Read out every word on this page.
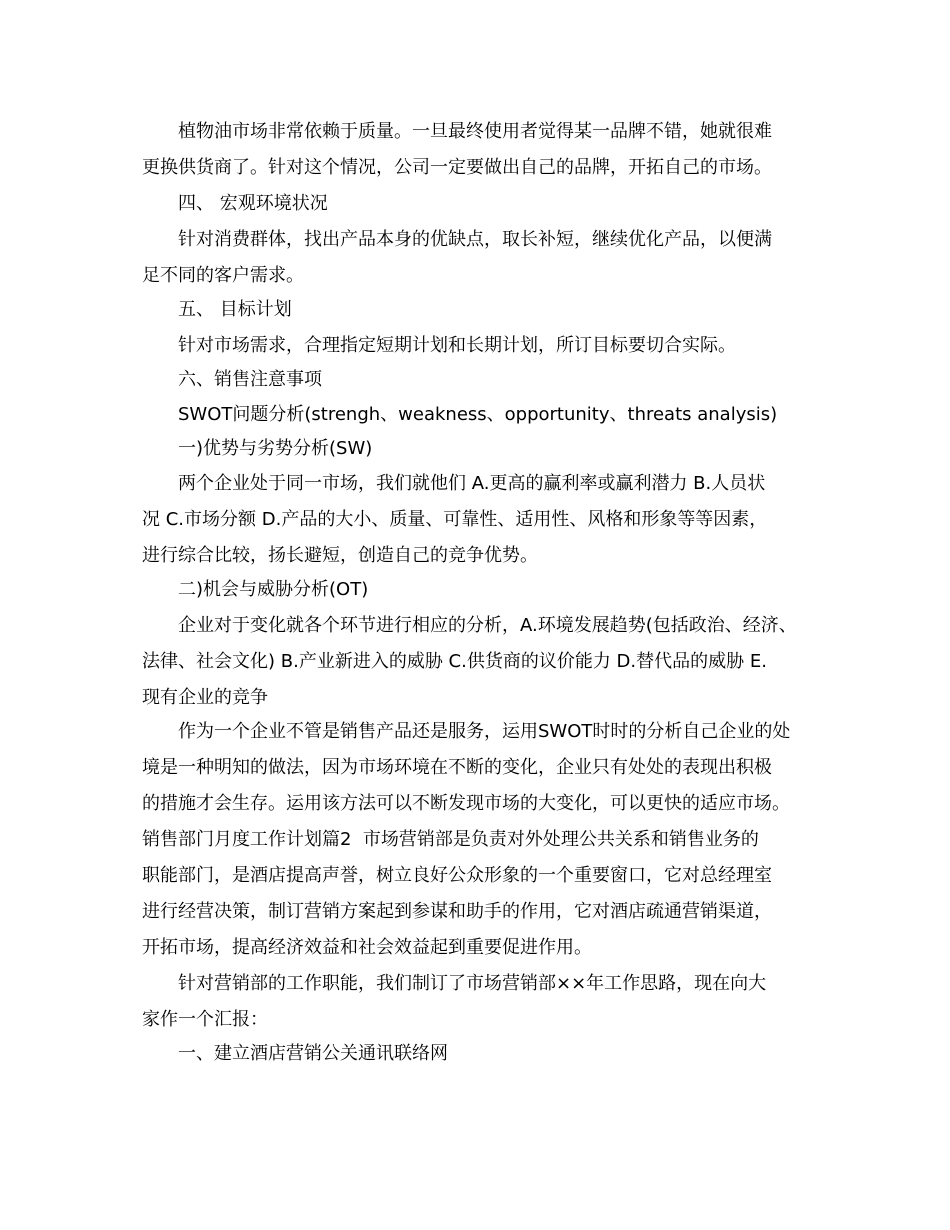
植物油市场非常依赖于质量。一旦最终使用者觉得某一品牌不错，她就很难
更换供货商了。针对这个情况，公司一定要做出自己的品牌，开拓自己的市场。
四、 宏观环境状况
针对消费群体，找出产品本身的优缺点，取长补短，继续优化产品，以便满
足不同的客户需求。
五、 目标计划
针对市场需求，合理指定短期计划和长期计划，所订目标要切合实际。
六、销售注意事项
SWOT问题分析(strengh、weakness、opportunity、threats analysis)
一)优势与劣势分析(SW)
两个企业处于同一市场，我们就他们 A.更高的赢利率或赢利潜力 B.人员状
况 C.市场分额 D.产品的大小、质量、可靠性、适用性、风格和形象等等因素，
进行综合比较，扬长避短，创造自己的竞争优势。
二)机会与威胁分析(OT)
企业对于变化就各个环节进行相应的分析，A.环境发展趋势(包括政治、经济、
法律、社会文化) B.产业新进入的威胁 C.供货商的议价能力 D.替代品的威胁 E.
现有企业的竞争
作为一个企业不管是销售产品还是服务，运用SWOT时时的分析自己企业的处
境是一种明知的做法，因为市场环境在不断的变化，企业只有处处的表现出积极
的措施才会生存。运用该方法可以不断发现市场的大变化，可以更快的适应市场。
销售部门月度工作计划篇2  市场营销部是负责对外处理公共关系和销售业务的
职能部门，是酒店提高声誉，树立良好公众形象的一个重要窗口，它对总经理室
进行经营决策，制订营销方案起到参谋和助手的作用，它对酒店疏通营销渠道，
开拓市场，提高经济效益和社会效益起到重要促进作用。
针对营销部的工作职能，我们制订了市场营销部××年工作思路，现在向大
家作一个汇报：
一、建立酒店营销公关通讯联络网
